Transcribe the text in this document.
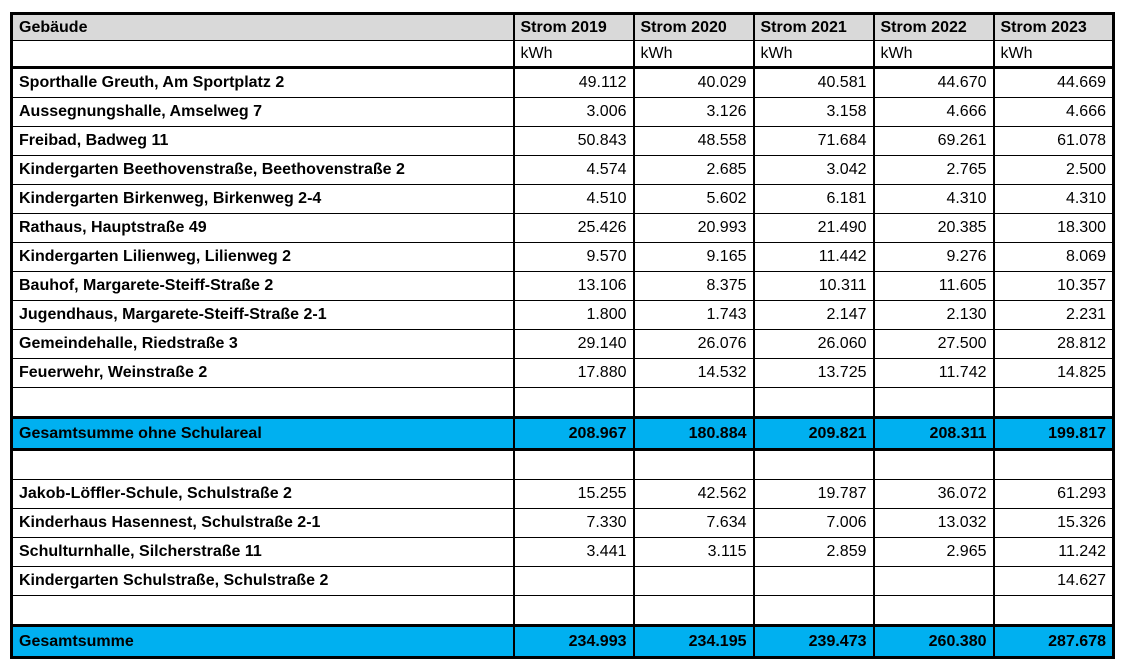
Gebäude	Strom 2019	Strom 2020	Strom 2021	Strom 2022	Strom 2023
	kWh	kWh	kWh	kWh	kWh
Sporthalle Greuth, Am Sportplatz 2	49.112	40.029	40.581	44.670	44.669
Aussegnungshalle, Amselweg 7	3.006	3.126	3.158	4.666	4.666
Freibad, Badweg 11	50.843	48.558	71.684	69.261	61.078
Kindergarten Beethovenstraße, Beethovenstraße 2	4.574	2.685	3.042	2.765	2.500
Kindergarten Birkenweg, Birkenweg 2-4	4.510	5.602	6.181	4.310	4.310
Rathaus, Hauptstraße 49	25.426	20.993	21.490	20.385	18.300
Kindergarten Lilienweg, Lilienweg 2	9.570	9.165	11.442	9.276	8.069
Bauhof, Margarete-Steiff-Straße 2	13.106	8.375	10.311	11.605	10.357
Jugendhaus, Margarete-Steiff-Straße 2-1	1.800	1.743	2.147	2.130	2.231
Gemeindehalle, Riedstraße 3	29.140	26.076	26.060	27.500	28.812
Feuerwehr, Weinstraße 2	17.880	14.532	13.725	11.742	14.825

Gesamtsumme ohne Schulareal	208.967	180.884	209.821	208.311	199.817

Jakob-Löffler-Schule, Schulstraße 2	15.255	42.562	19.787	36.072	61.293
Kinderhaus Hasennest, Schulstraße 2-1	7.330	7.634	7.006	13.032	15.326
Schulturnhalle, Silcherstraße 11	3.441	3.115	2.859	2.965	11.242
Kindergarten Schulstraße, Schulstraße 2					14.627

Gesamtsumme	234.993	234.195	239.473	260.380	287.678
